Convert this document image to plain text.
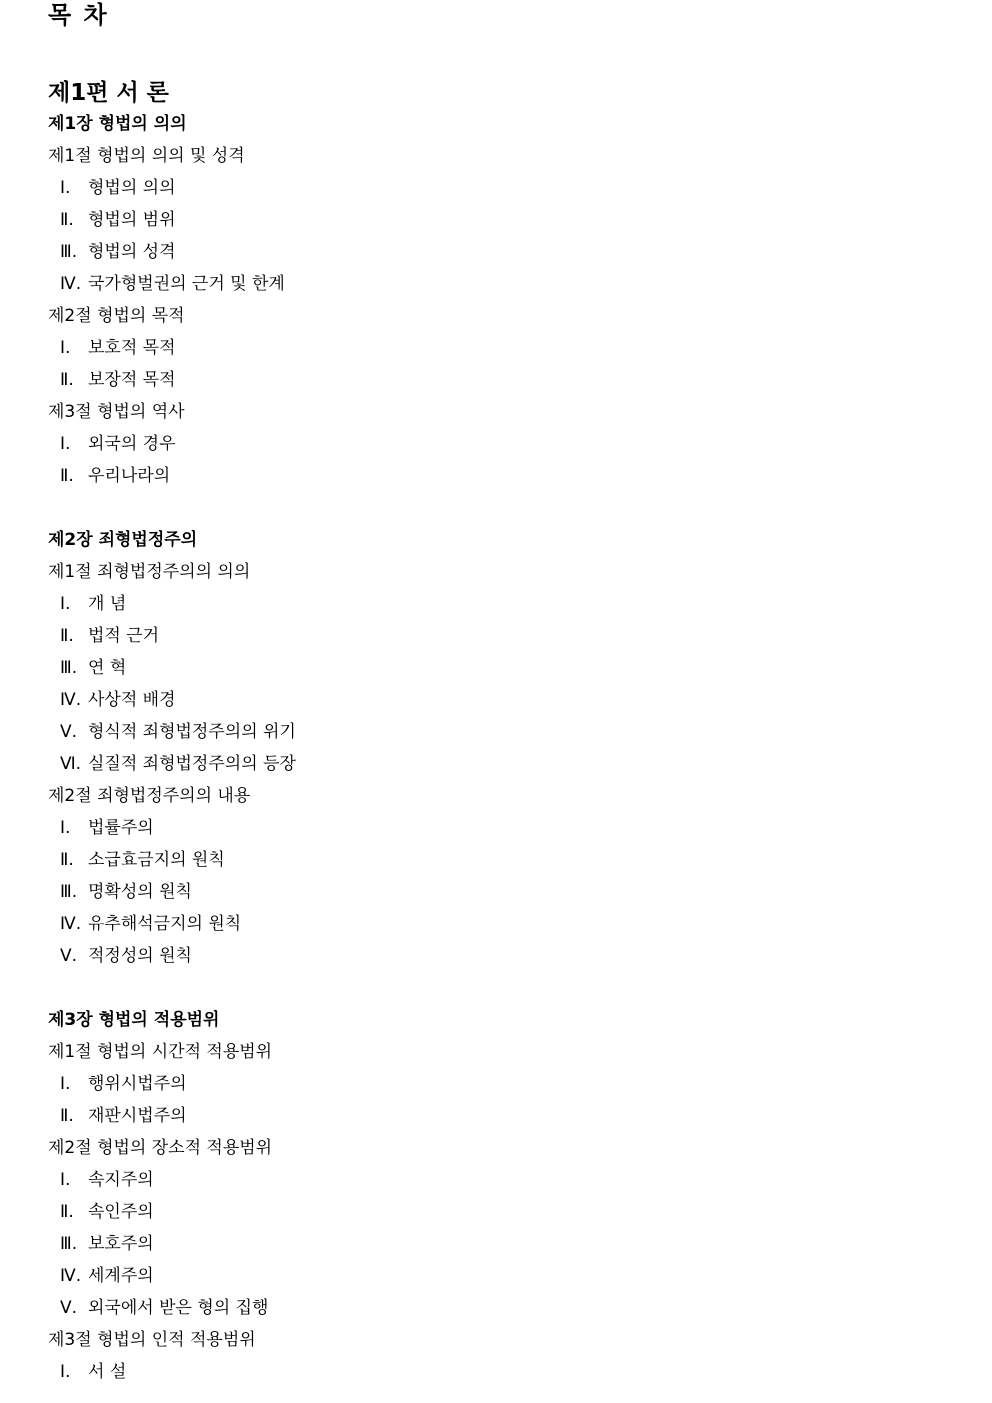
목 차
제1편 서 론
제1장 형법의 의의
제1절 형법의 의의 및 성격
Ⅰ. 형법의 의의
Ⅱ. 형법의 범위
Ⅲ. 형법의 성격
Ⅳ. 국가형벌권의 근거 및 한계
제2절 형법의 목적
Ⅰ. 보호적 목적
Ⅱ. 보장적 목적
제3절 형법의 역사
Ⅰ. 외국의 경우
Ⅱ. 우리나라의
제2장 죄형법정주의
제1절 죄형법정주의의 의의
Ⅰ. 개 념
Ⅱ. 법적 근거
Ⅲ. 연 혁
Ⅳ. 사상적 배경
Ⅴ. 형식적 죄형법정주의의 위기
Ⅵ. 실질적 죄형법정주의의 등장
제2절 죄형법정주의의 내용
Ⅰ. 법률주의
Ⅱ. 소급효금지의 원칙
Ⅲ. 명확성의 원칙
Ⅳ. 유추해석금지의 원칙
Ⅴ. 적정성의 원칙
제3장 형법의 적용범위
제1절 형법의 시간적 적용범위
Ⅰ. 행위시법주의
Ⅱ. 재판시법주의
제2절 형법의 장소적 적용범위
Ⅰ. 속지주의
Ⅱ. 속인주의
Ⅲ. 보호주의
Ⅳ. 세계주의
Ⅴ. 외국에서 받은 형의 집행
제3절 형법의 인적 적용범위
Ⅰ. 서 설
